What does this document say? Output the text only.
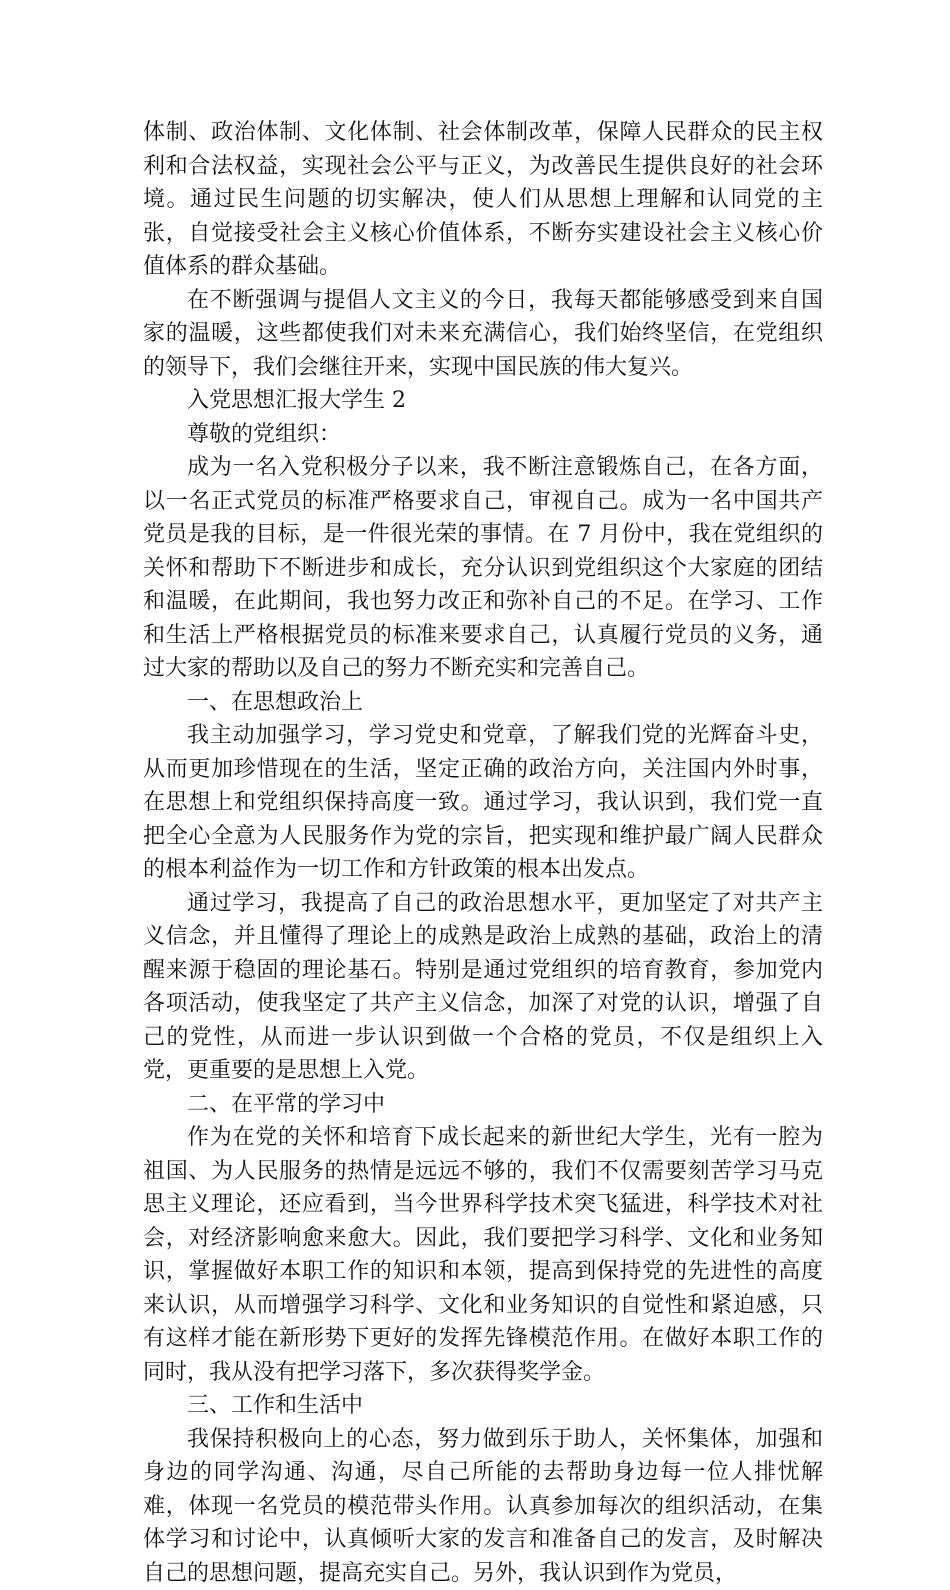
体制、政治体制、文化体制、社会体制改革，保障人民群众的民主权利和合法权益，实现社会公平与正义，为改善民生提供良好的社会环境。通过民生问题的切实解决，使人们从思想上理解和认同党的主张，自觉接受社会主义核心价值体系，不断夯实建设社会主义核心价值体系的群众基础。

在不断强调与提倡人文主义的今日，我每天都能够感受到来自国家的温暖，这些都使我们对未来充满信心，我们始终坚信，在党组织的领导下，我们会继往开来，实现中国民族的伟大复兴。

入党思想汇报大学生 2

尊敬的党组织：

成为一名入党积极分子以来，我不断注意锻炼自己，在各方面，以一名正式党员的标准严格要求自己，审视自己。成为一名中国共产党员是我的目标，是一件很光荣的事情。在 7 月份中，我在党组织的关怀和帮助下不断进步和成长，充分认识到党组织这个大家庭的团结和温暖，在此期间，我也努力改正和弥补自己的不足。在学习、工作和生活上严格根据党员的标准来要求自己，认真履行党员的义务，通过大家的帮助以及自己的努力不断充实和完善自己。

一、在思想政治上

我主动加强学习，学习党史和党章，了解我们党的光辉奋斗史，从而更加珍惜现在的生活，坚定正确的政治方向，关注国内外时事，在思想上和党组织保持高度一致。通过学习，我认识到，我们党一直把全心全意为人民服务作为党的宗旨，把实现和维护最广阔人民群众的根本利益作为一切工作和方针政策的根本出发点。

通过学习，我提高了自己的政治思想水平，更加坚定了对共产主义信念，并且懂得了理论上的成熟是政治上成熟的基础，政治上的清醒来源于稳固的理论基石。特别是通过党组织的培育教育，参加党内各项活动，使我坚定了共产主义信念，加深了对党的认识，增强了自己的党性，从而进一步认识到做一个合格的党员，不仅是组织上入党，更重要的是思想上入党。

二、在平常的学习中

作为在党的关怀和培育下成长起来的新世纪大学生，光有一腔为祖国、为人民服务的热情是远远不够的，我们不仅需要刻苦学习马克思主义理论，还应看到，当今世界科学技术突飞猛进，科学技术对社会，对经济影响愈来愈大。因此，我们要把学习科学、文化和业务知识，掌握做好本职工作的知识和本领，提高到保持党的先进性的高度来认识，从而增强学习科学、文化和业务知识的自觉性和紧迫感，只有这样才能在新形势下更好的发挥先锋模范作用。在做好本职工作的同时，我从没有把学习落下，多次获得奖学金。

三、工作和生活中

我保持积极向上的心态，努力做到乐于助人，关怀集体，加强和身边的同学沟通、沟通，尽自己所能的去帮助身边每一位人排忧解难，体现一名党员的模范带头作用。认真参加每次的组织活动，在集体学习和讨论中，认真倾听大家的发言和准备自己的发言，及时解决自己的思想问题，提高充实自己。另外，我认识到作为党员，
